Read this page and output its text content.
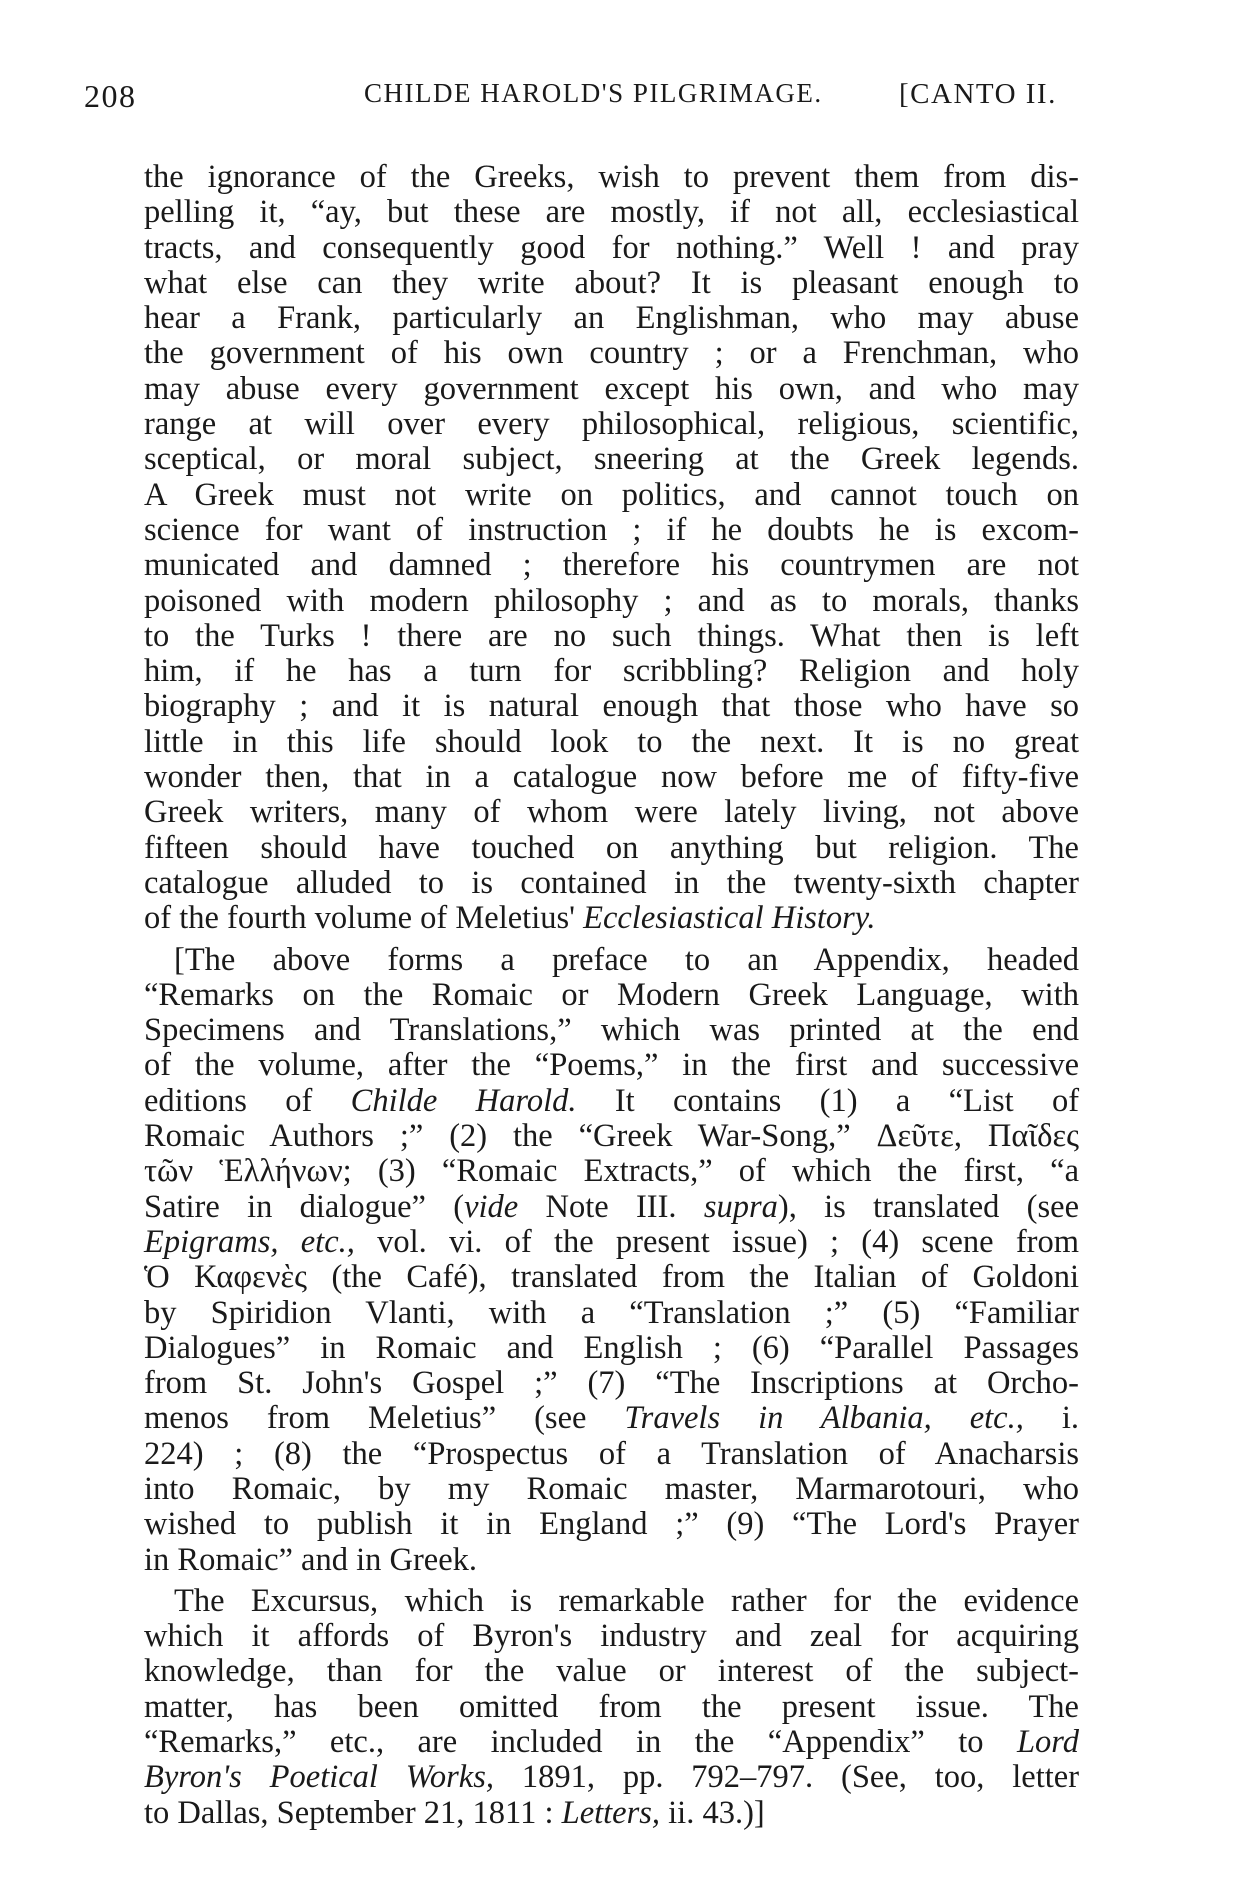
208	CHILDE HAROLD'S PILGRIMAGE.	[CANTO II.
the ignorance of the Greeks, wish to prevent them from dis-
pelling it, “ay, but these are mostly, if not all, ecclesiastical
tracts, and consequently good for nothing.” Well ! and pray
what else can they write about? It is pleasant enough to
hear a Frank, particularly an Englishman, who may abuse
the government of his own country ; or a Frenchman, who
may abuse every government except his own, and who may
range at will over every philosophical, religious, scientific,
sceptical, or moral subject, sneering at the Greek legends.
A Greek must not write on politics, and cannot touch on
science for want of instruction ; if he doubts he is excom-
municated and damned ; therefore his countrymen are not
poisoned with modern philosophy ; and as to morals, thanks
to the Turks ! there are no such things. What then is left
him, if he has a turn for scribbling? Religion and holy
biography ; and it is natural enough that those who have so
little in this life should look to the next. It is no great
wonder then, that in a catalogue now before me of fifty-five
Greek writers, many of whom were lately living, not above
fifteen should have touched on anything but religion. The
catalogue alluded to is contained in the twenty-sixth chapter
of the fourth volume of Meletius' Ecclesiastical History.
[The above forms a preface to an Appendix, headed
“Remarks on the Romaic or Modern Greek Language, with
Specimens and Translations,” which was printed at the end
of the volume, after the “Poems,” in the first and successive
editions of Childe Harold. It contains (1) a “List of
Romaic Authors ;” (2) the “Greek War-Song,” Δεῦτε, Παῖδες
τῶν Ἑλλήνων; (3) “Romaic Extracts,” of which the first, “a
Satire in dialogue” (vide Note III. supra), is translated (see
Epigrams, etc., vol. vi. of the present issue) ; (4) scene from
Ὁ Καφενὲς (the Café), translated from the Italian of Goldoni
by Spiridion Vlanti, with a “Translation ;” (5) “Familiar
Dialogues” in Romaic and English ; (6) “Parallel Passages
from St. John's Gospel ;” (7) “The Inscriptions at Orcho-
menos from Meletius” (see Travels in Albania, etc., i.
224) ; (8) the “Prospectus of a Translation of Anacharsis
into Romaic, by my Romaic master, Marmarotouri, who
wished to publish it in England ;” (9) “The Lord's Prayer
in Romaic” and in Greek.
The Excursus, which is remarkable rather for the evidence
which it affords of Byron's industry and zeal for acquiring
knowledge, than for the value or interest of the subject-
matter, has been omitted from the present issue. The
“Remarks,” etc., are included in the “Appendix” to Lord
Byron's Poetical Works, 1891, pp. 792–797. (See, too, letter
to Dallas, September 21, 1811 : Letters, ii. 43.)]
